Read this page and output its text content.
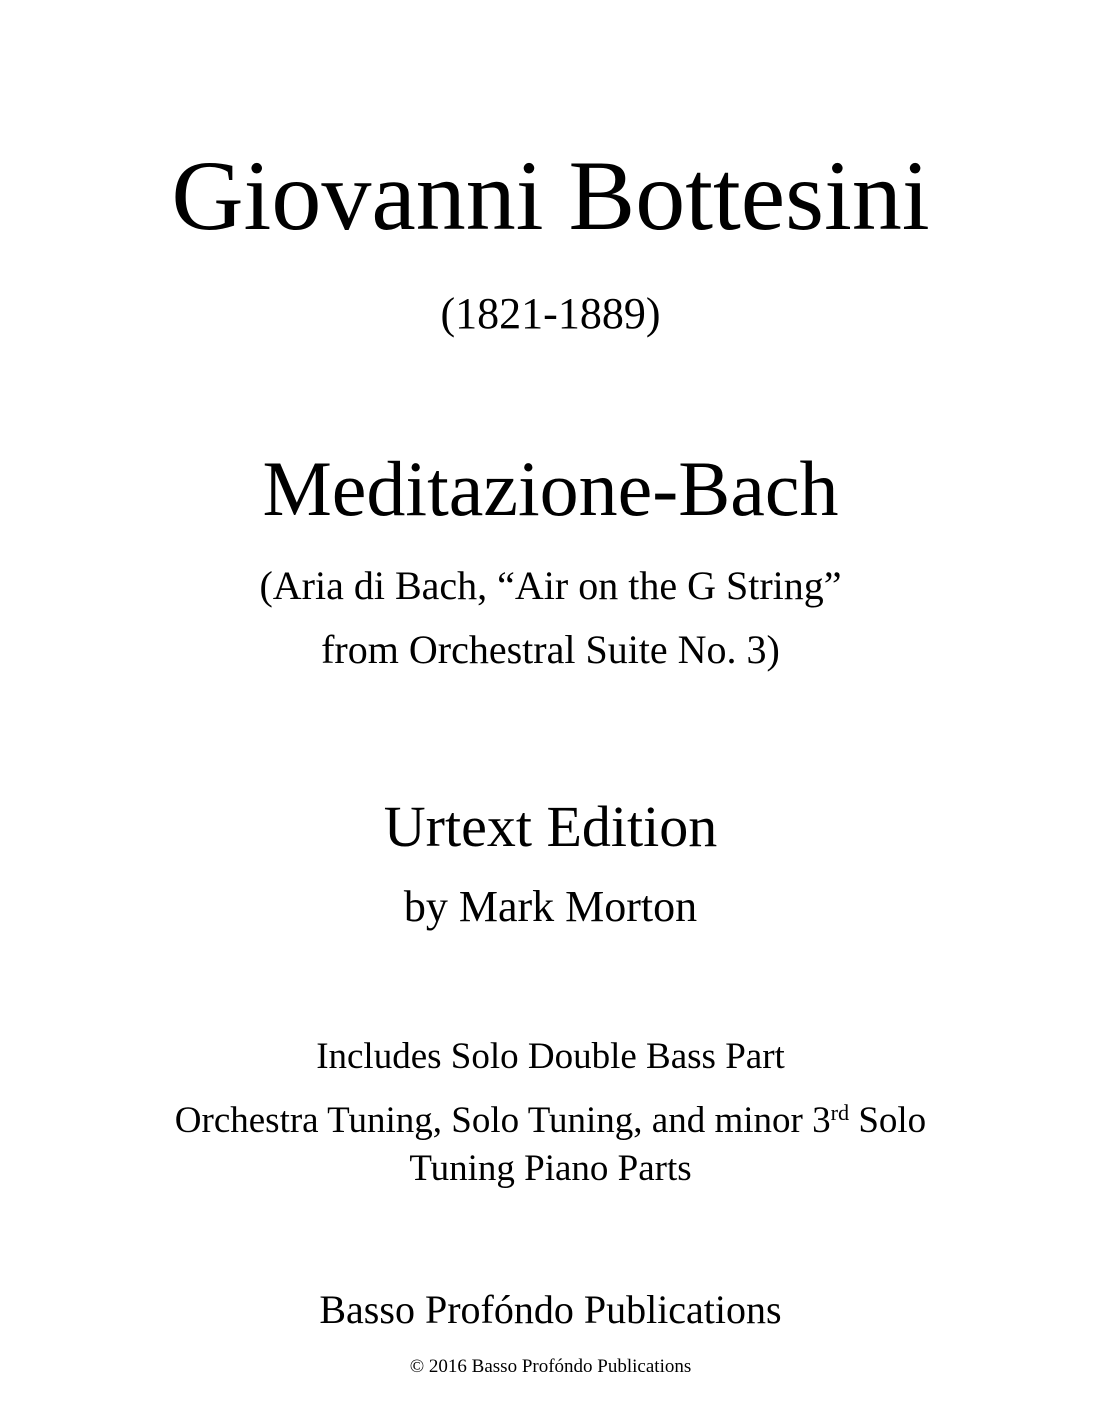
Giovanni Bottesini
(1821-1889)
Meditazione-Bach
(Aria di Bach, “Air on the G String”
from Orchestral Suite No. 3)
Urtext Edition
by Mark Morton
Includes Solo Double Bass Part
Orchestra Tuning, Solo Tuning, and minor 3rd Solo
Tuning Piano Parts
Basso Profóndo Publications
© 2016 Basso Profóndo Publications
